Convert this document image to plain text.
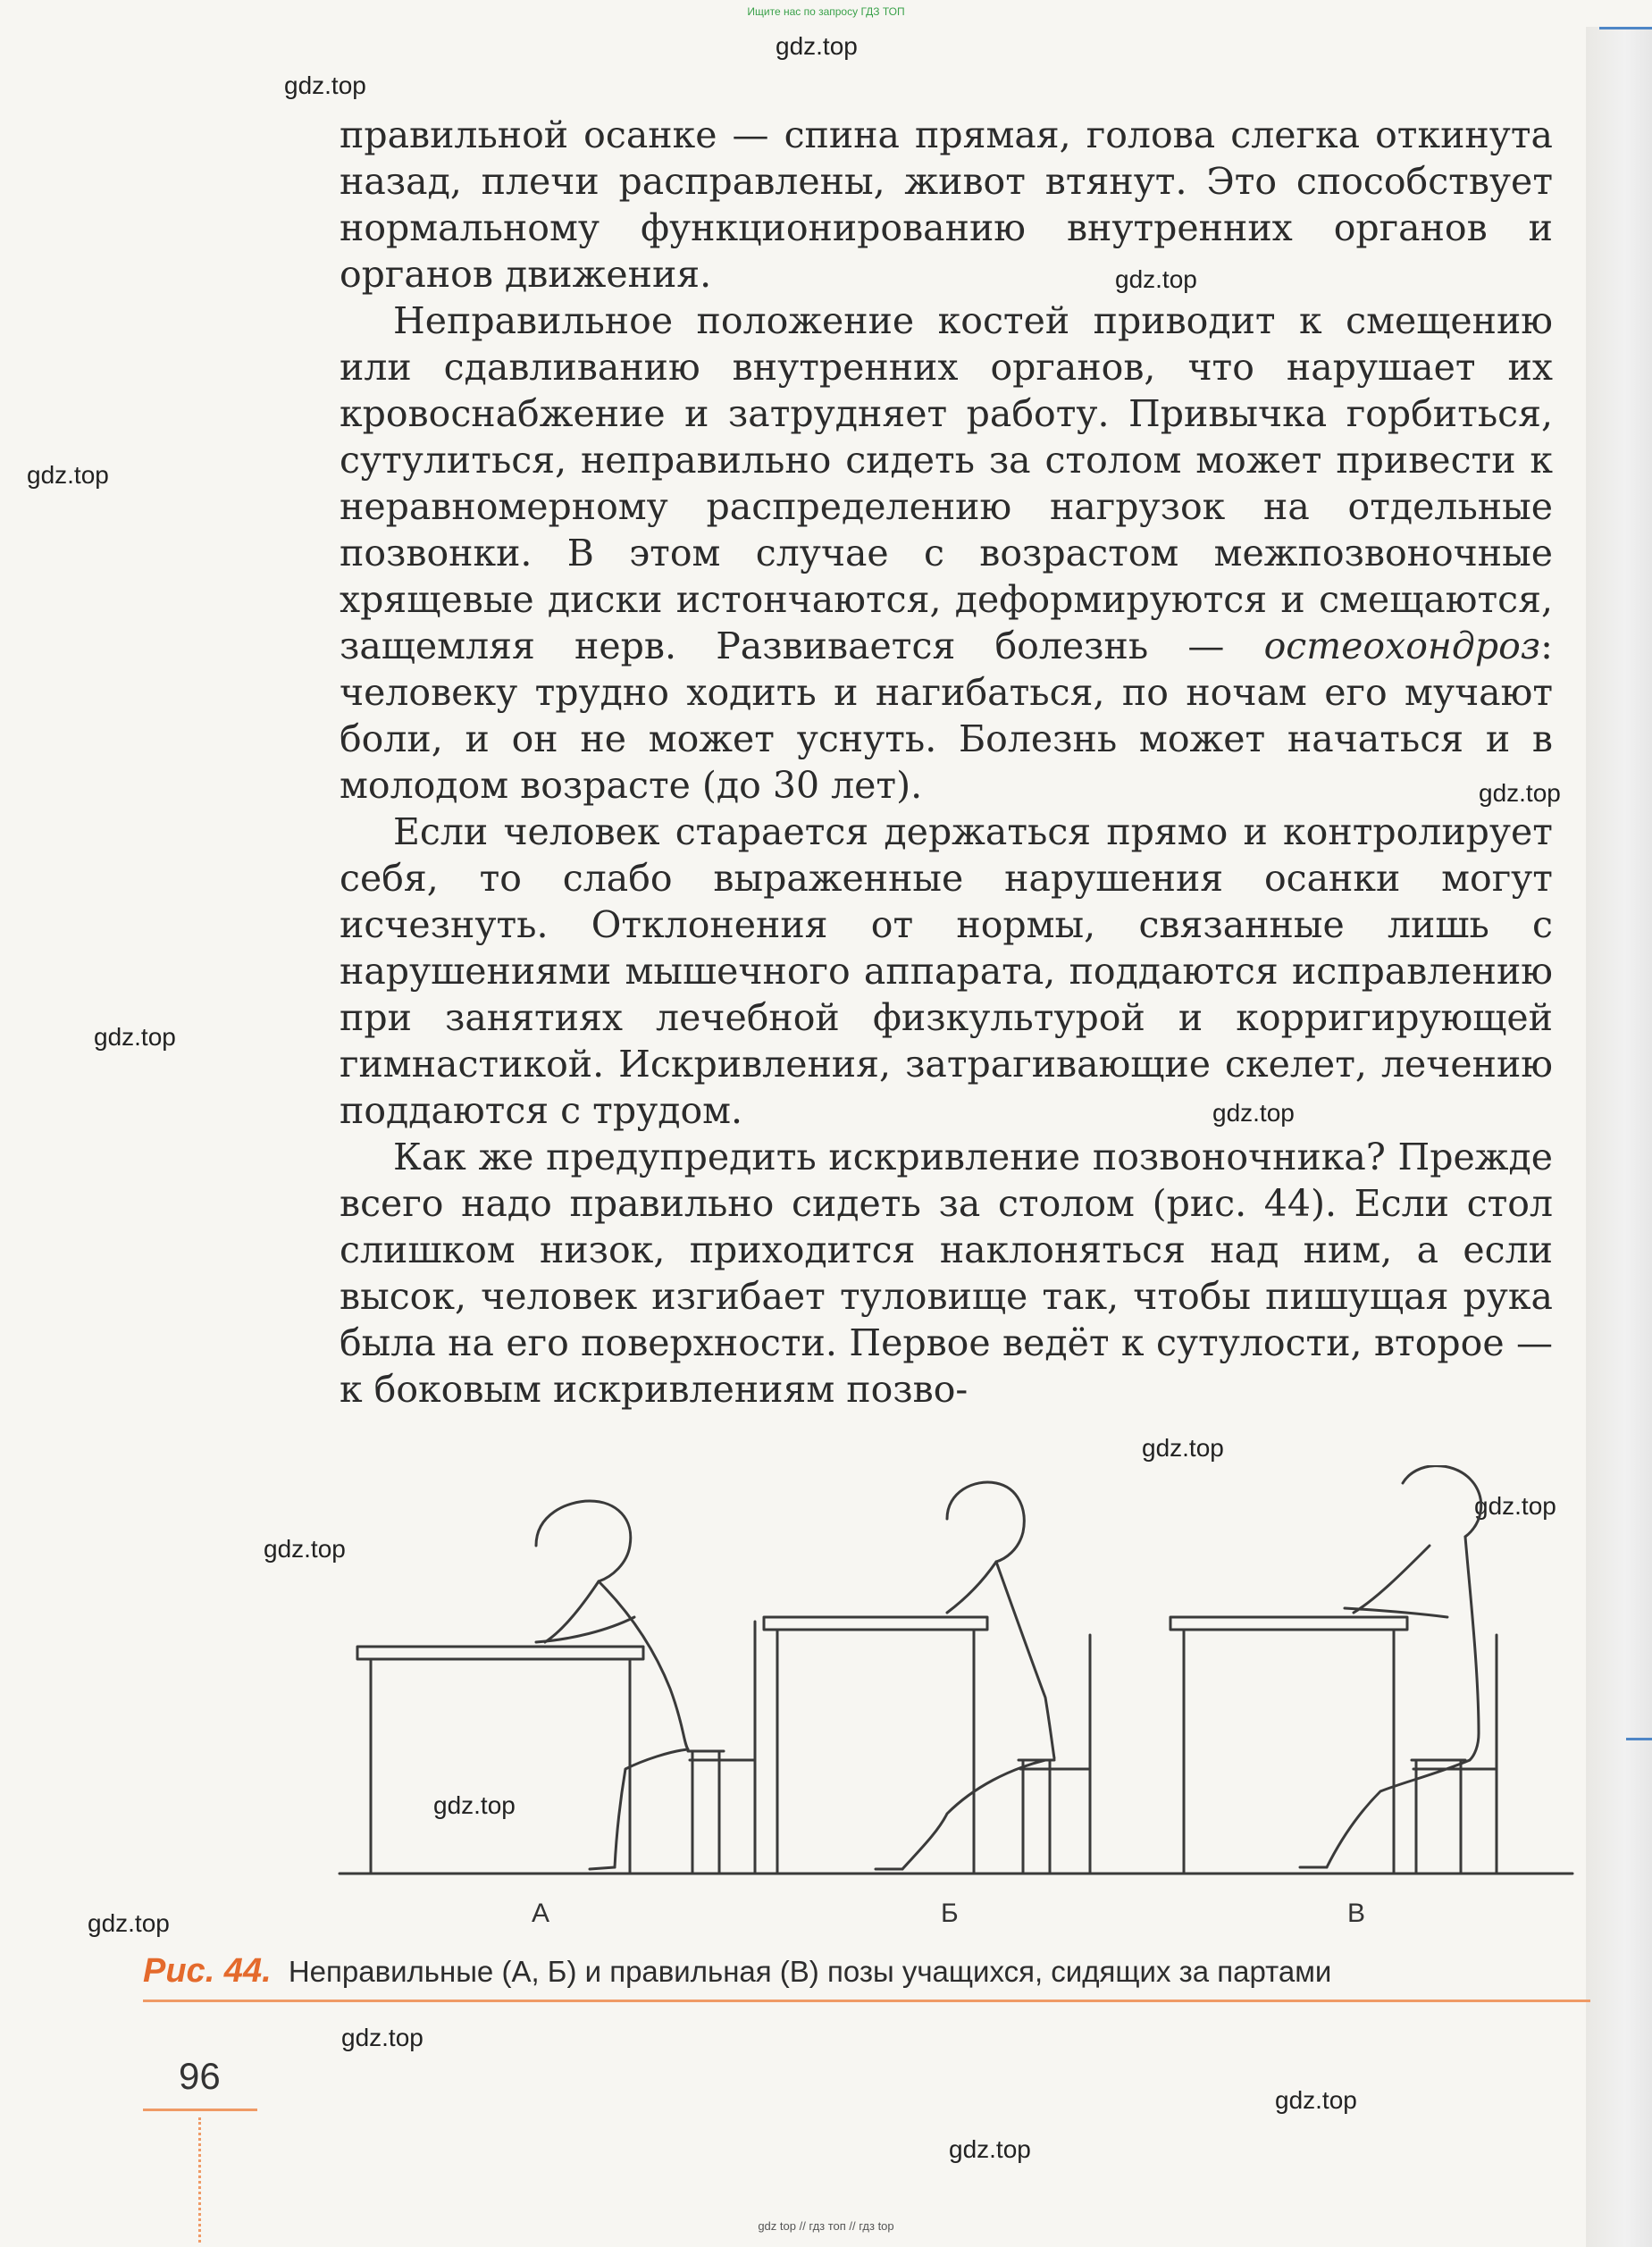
Ищите нас по запросу ГДЗ ТОП
gdz.top
gdz.top
gdz.top
gdz.top
gdz.top
gdz.top
gdz.top
gdz.top
gdz.top
gdz.top
gdz.top
gdz.top
gdz.top
gdz.top
gdz.top

правильной осанке — спина прямая, голова слегка откинута назад, плечи расправлены, живот втянут. Это способствует нормальному функционированию внутренних органов и органов движения.

Неправильное положение костей приводит к смещению или сдавливанию внутренних органов, что нарушает их кровоснабжение и затрудняет работу. Привычка горбиться, сутулиться, неправильно сидеть за столом может привести к неравномерному распределению нагрузок на отдельные позвонки. В этом случае с возрастом межпозвоночные хрящевые диски истончаются, деформируются и смещаются, защемляя нерв. Развивается болезнь — остеохондроз: человеку трудно ходить и нагибаться, по ночам его мучают боли, и он не может уснуть. Болезнь может начаться и в молодом возрасте (до 30 лет).

Если человек старается держаться прямо и контролирует себя, то слабо выраженные нарушения осанки могут исчезнуть. Отклонения от нормы, связанные лишь с нарушениями мышечного аппарата, поддаются исправлению при занятиях лечебной физкультурой и корригирующей гимнастикой. Искривления, затрагивающие скелет, лечению поддаются с трудом.

Как же предупредить искривление позвоночника? Прежде всего надо правильно сидеть за столом (рис. 44). Если стол слишком низок, приходится наклоняться над ним, а если высок, человек изгибает туловище так, чтобы пишущая рука была на его поверхности. Первое ведёт к сутулости, второе — к боковым искривлениям позво-

А	Б	В
Рис. 44. Неправильные (А, Б) и правильная (В) позы учащихся, сидящих за партами
96
gdz top // гдз топ // гдз top
